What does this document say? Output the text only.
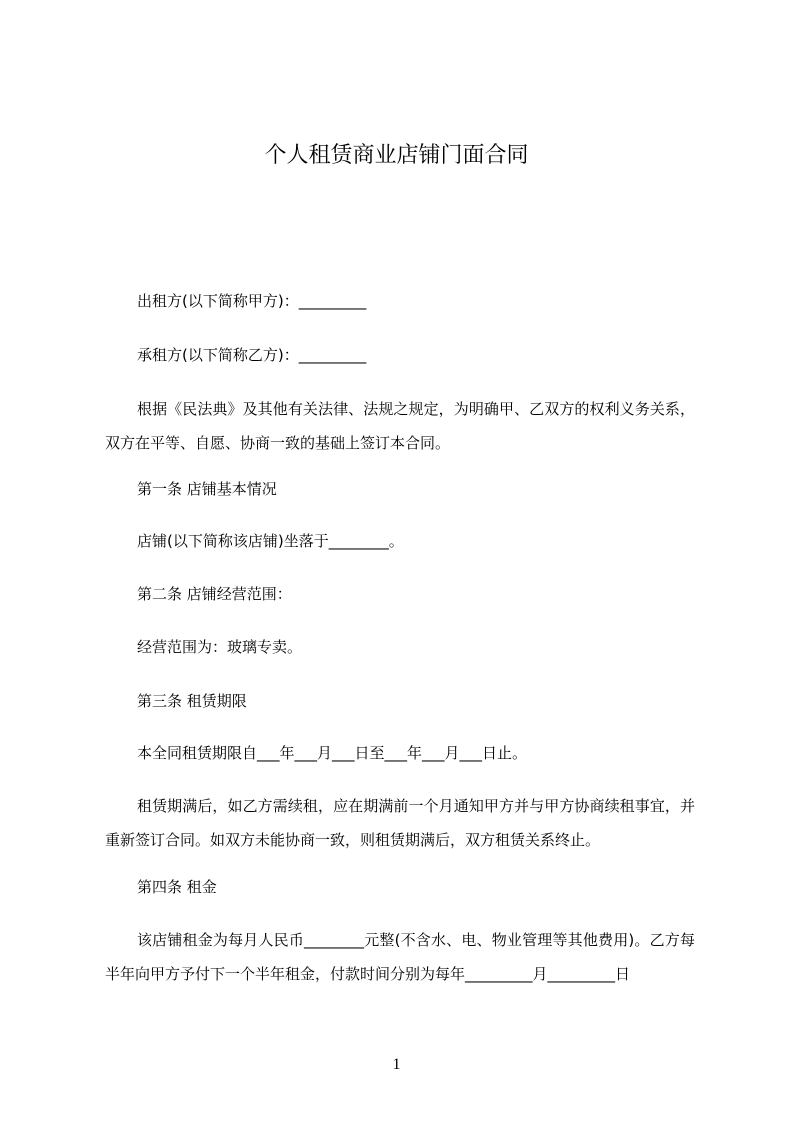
个人租赁商业店铺门面合同
出租方(以下简称甲方)：_________
承租方(以下简称乙方)：_________
根据《民法典》及其他有关法律、法规之规定，为明确甲、乙双方的权利义务关系，双方在平等、自愿、协商一致的基础上签订本合同。
第一条 店铺基本情况
店铺(以下简称该店铺)坐落于________。
第二条 店铺经营范围：
经营范围为：玻璃专卖。
第三条 租赁期限
本全同租赁期限自___年___月___日至___年___月___日止。
租赁期满后，如乙方需续租，应在期满前一个月通知甲方并与甲方协商续租事宜，并重新签订合同。如双方未能协商一致，则租赁期满后，双方租赁关系终止。
第四条 租金
该店铺租金为每月人民币________元整(不含水、电、物业管理等其他费用)。乙方每半年向甲方予付下一个半年租金，付款时间分别为每年_________月_________日
1
